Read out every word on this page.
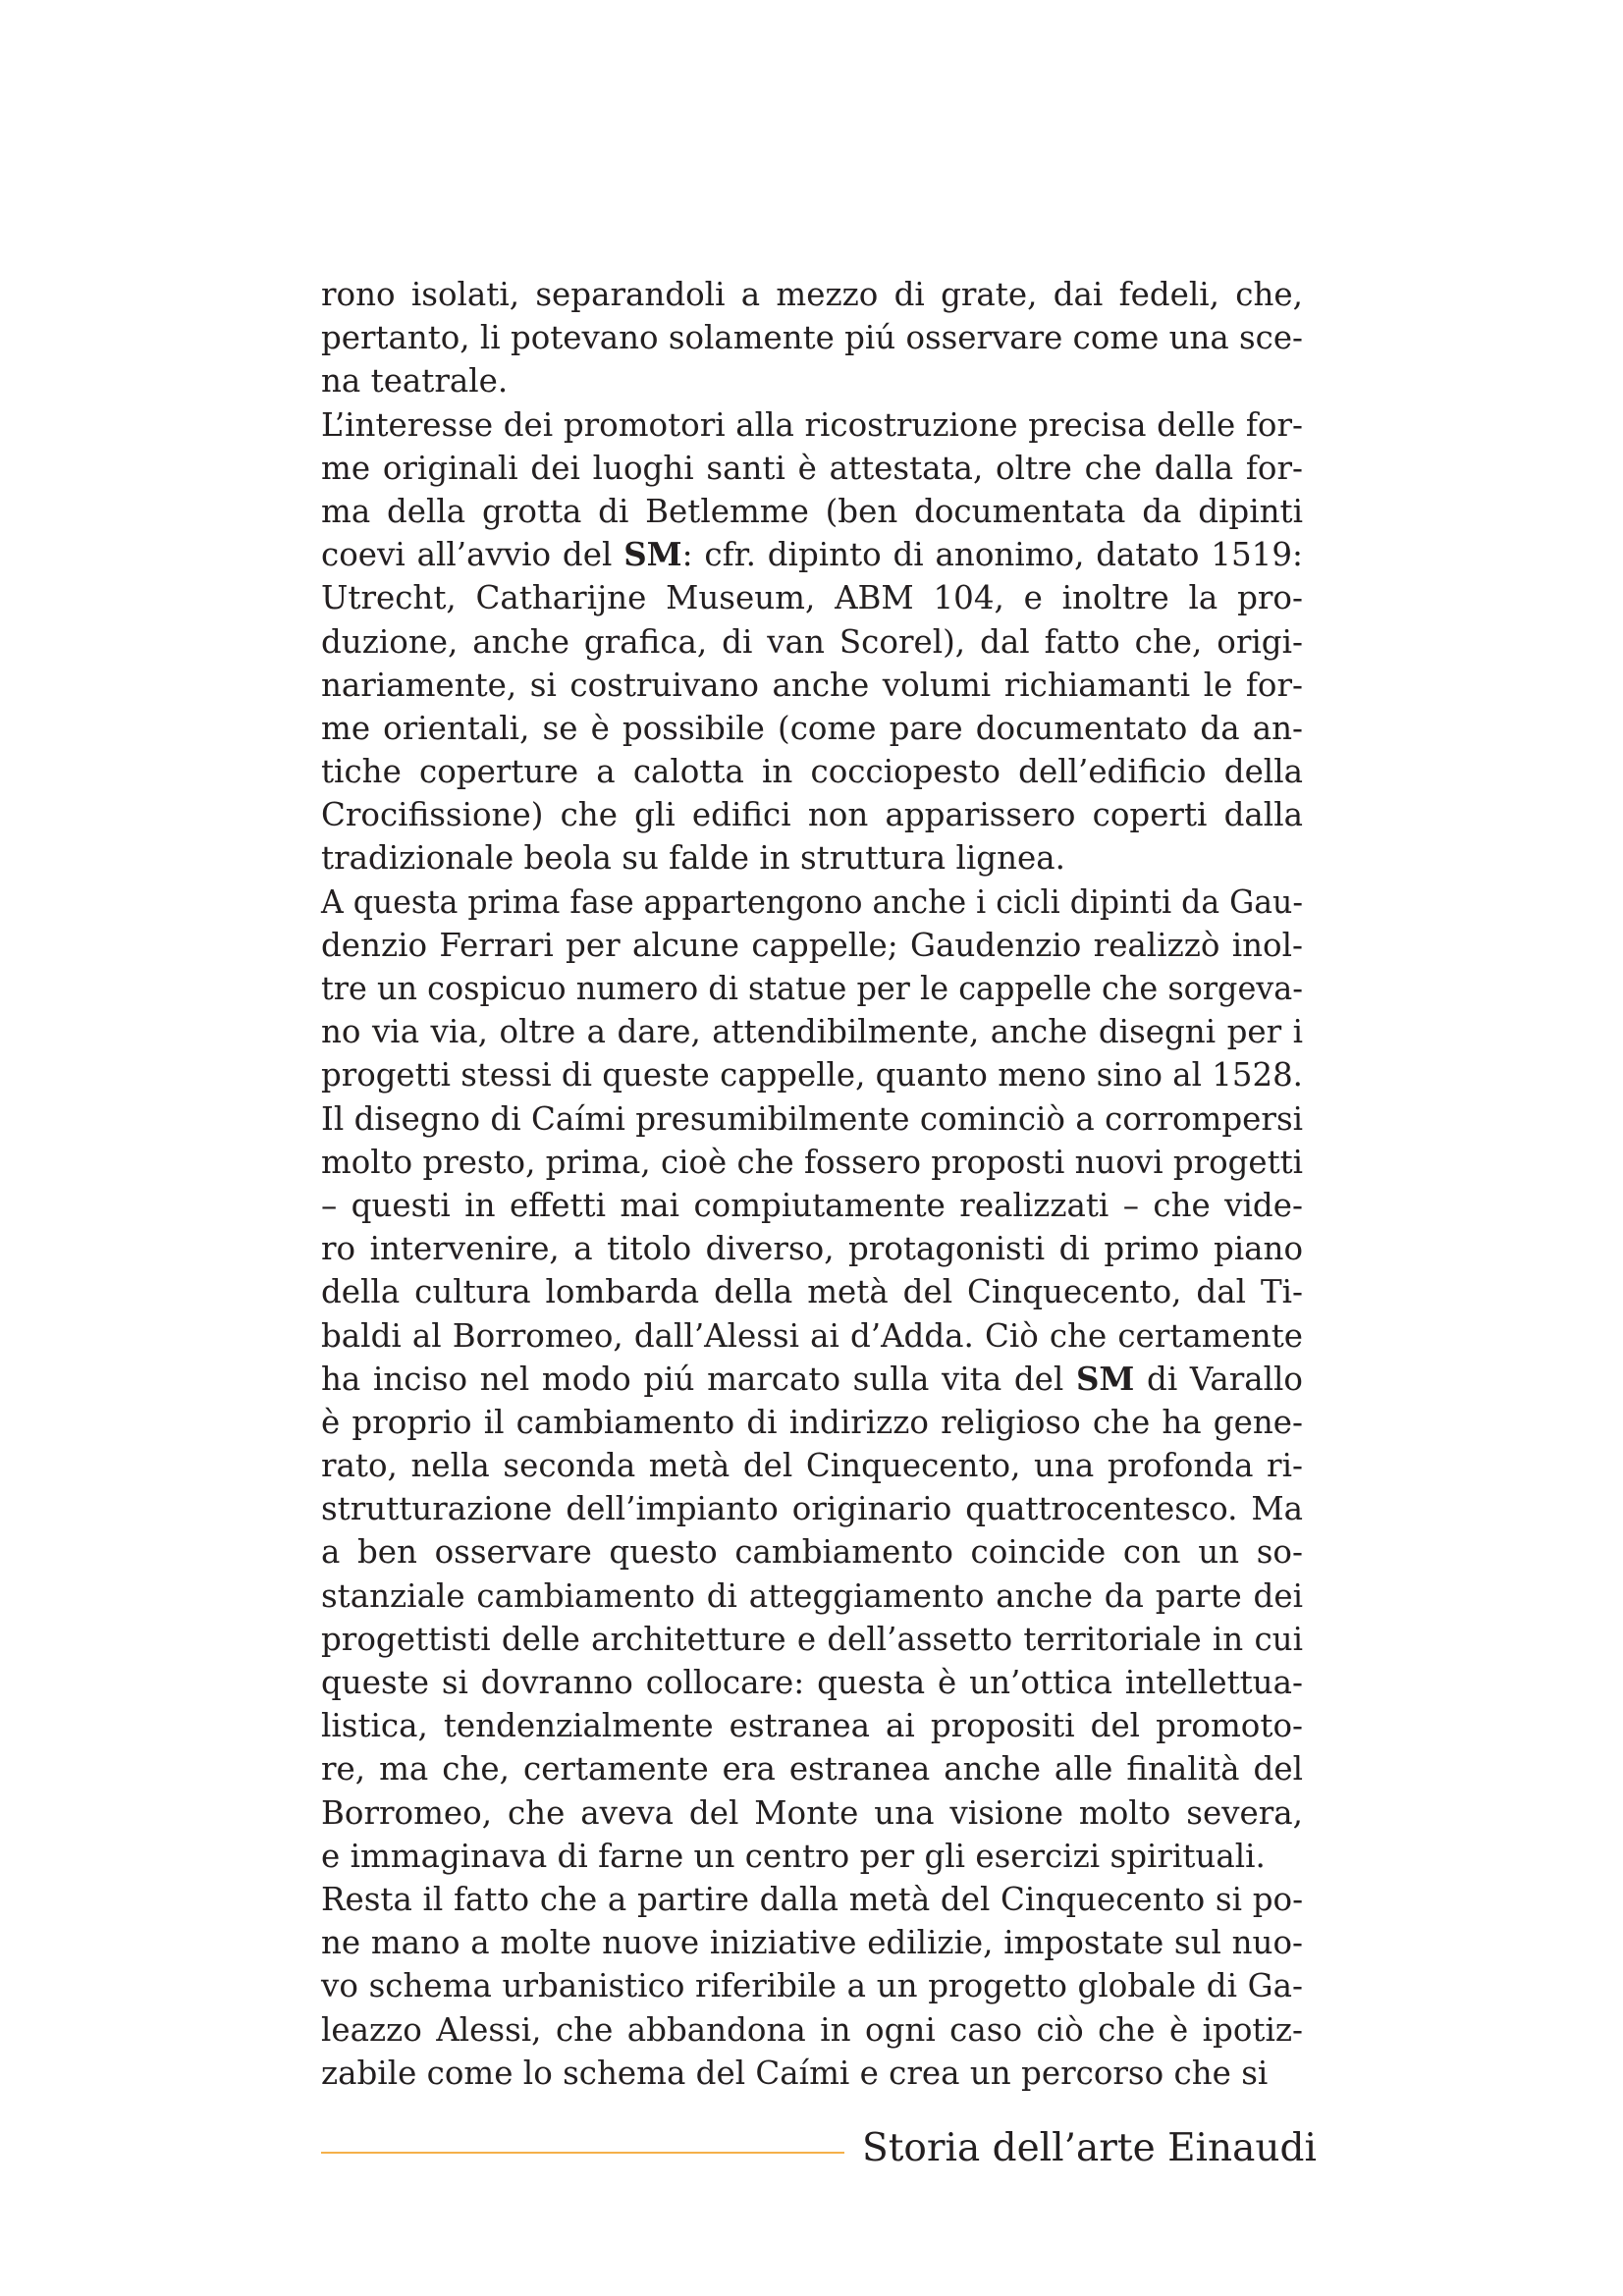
rono isolati, separandoli a mezzo di grate, dai fedeli, che,
pertanto, li potevano solamente piú osservare come una sce-
na teatrale.
L’interesse dei promotori alla ricostruzione precisa delle for-
me originali dei luoghi santi è attestata, oltre che dalla for-
ma della grotta di Betlemme (ben documentata da dipinti
coevi all’avvio del SM: cfr. dipinto di anonimo, datato 1519:
Utrecht, Catharijne Museum, ABM 104, e inoltre la pro-
duzione, anche grafica, di van Scorel), dal fatto che, origi-
nariamente, si costruivano anche volumi richiamanti le for-
me orientali, se è possibile (come pare documentato da an-
tiche coperture a calotta in cocciopesto dell’edificio della
Crocifissione) che gli edifici non apparissero coperti dalla
tradizionale beola su falde in struttura lignea.
A questa prima fase appartengono anche i cicli dipinti da Gau-
denzio Ferrari per alcune cappelle; Gaudenzio realizzò inol-
tre un cospicuo numero di statue per le cappelle che sorgeva-
no via via, oltre a dare, attendibilmente, anche disegni per i
progetti stessi di queste cappelle, quanto meno sino al 1528.
Il disegno di Caími presumibilmente cominciò a corrompersi
molto presto, prima, cioè che fossero proposti nuovi progetti
– questi in effetti mai compiutamente realizzati – che vide-
ro intervenire, a titolo diverso, protagonisti di primo piano
della cultura lombarda della metà del Cinquecento, dal Ti-
baldi al Borromeo, dall’Alessi ai d’Adda. Ciò che certamente
ha inciso nel modo piú marcato sulla vita del SM di Varallo
è proprio il cambiamento di indirizzo religioso che ha gene-
rato, nella seconda metà del Cinquecento, una profonda ri-
strutturazione dell’impianto originario quattrocentesco. Ma
a ben osservare questo cambiamento coincide con un so-
stanziale cambiamento di atteggiamento anche da parte dei
progettisti delle architetture e dell’assetto territoriale in cui
queste si dovranno collocare: questa è un’ottica intellettua-
listica, tendenzialmente estranea ai propositi del promoto-
re, ma che, certamente era estranea anche alle finalità del
Borromeo, che aveva del Monte una visione molto severa,
e immaginava di farne un centro per gli esercizi spirituali.
Resta il fatto che a partire dalla metà del Cinquecento si po-
ne mano a molte nuove iniziative edilizie, impostate sul nuo-
vo schema urbanistico riferibile a un progetto globale di Ga-
leazzo Alessi, che abbandona in ogni caso ciò che è ipotiz-
zabile come lo schema del Caími e crea un percorso che si
Storia dell’arte Einaudi
